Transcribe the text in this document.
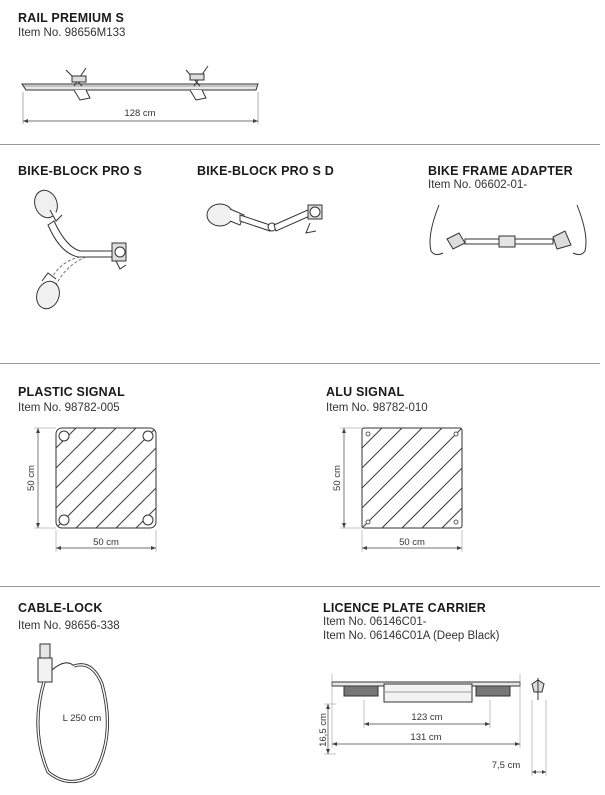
RAIL PREMIUM S
Item No. 98656M133
128 cm
BIKE-BLOCK PRO S	BIKE-BLOCK PRO S D	BIKE FRAME ADAPTER
Item No. 06602-01-
PLASTIC SIGNAL
Item No. 98782-005
ALU SIGNAL
Item No. 98782-010
50 cm
50 cm
50 cm
50 cm
CABLE-LOCK
Item No. 98656-338
L 250 cm
LICENCE PLATE CARRIER
Item No. 06146C01-
Item No. 06146C01A (Deep Black)
123 cm
131 cm
16,5 cm
7,5 cm
